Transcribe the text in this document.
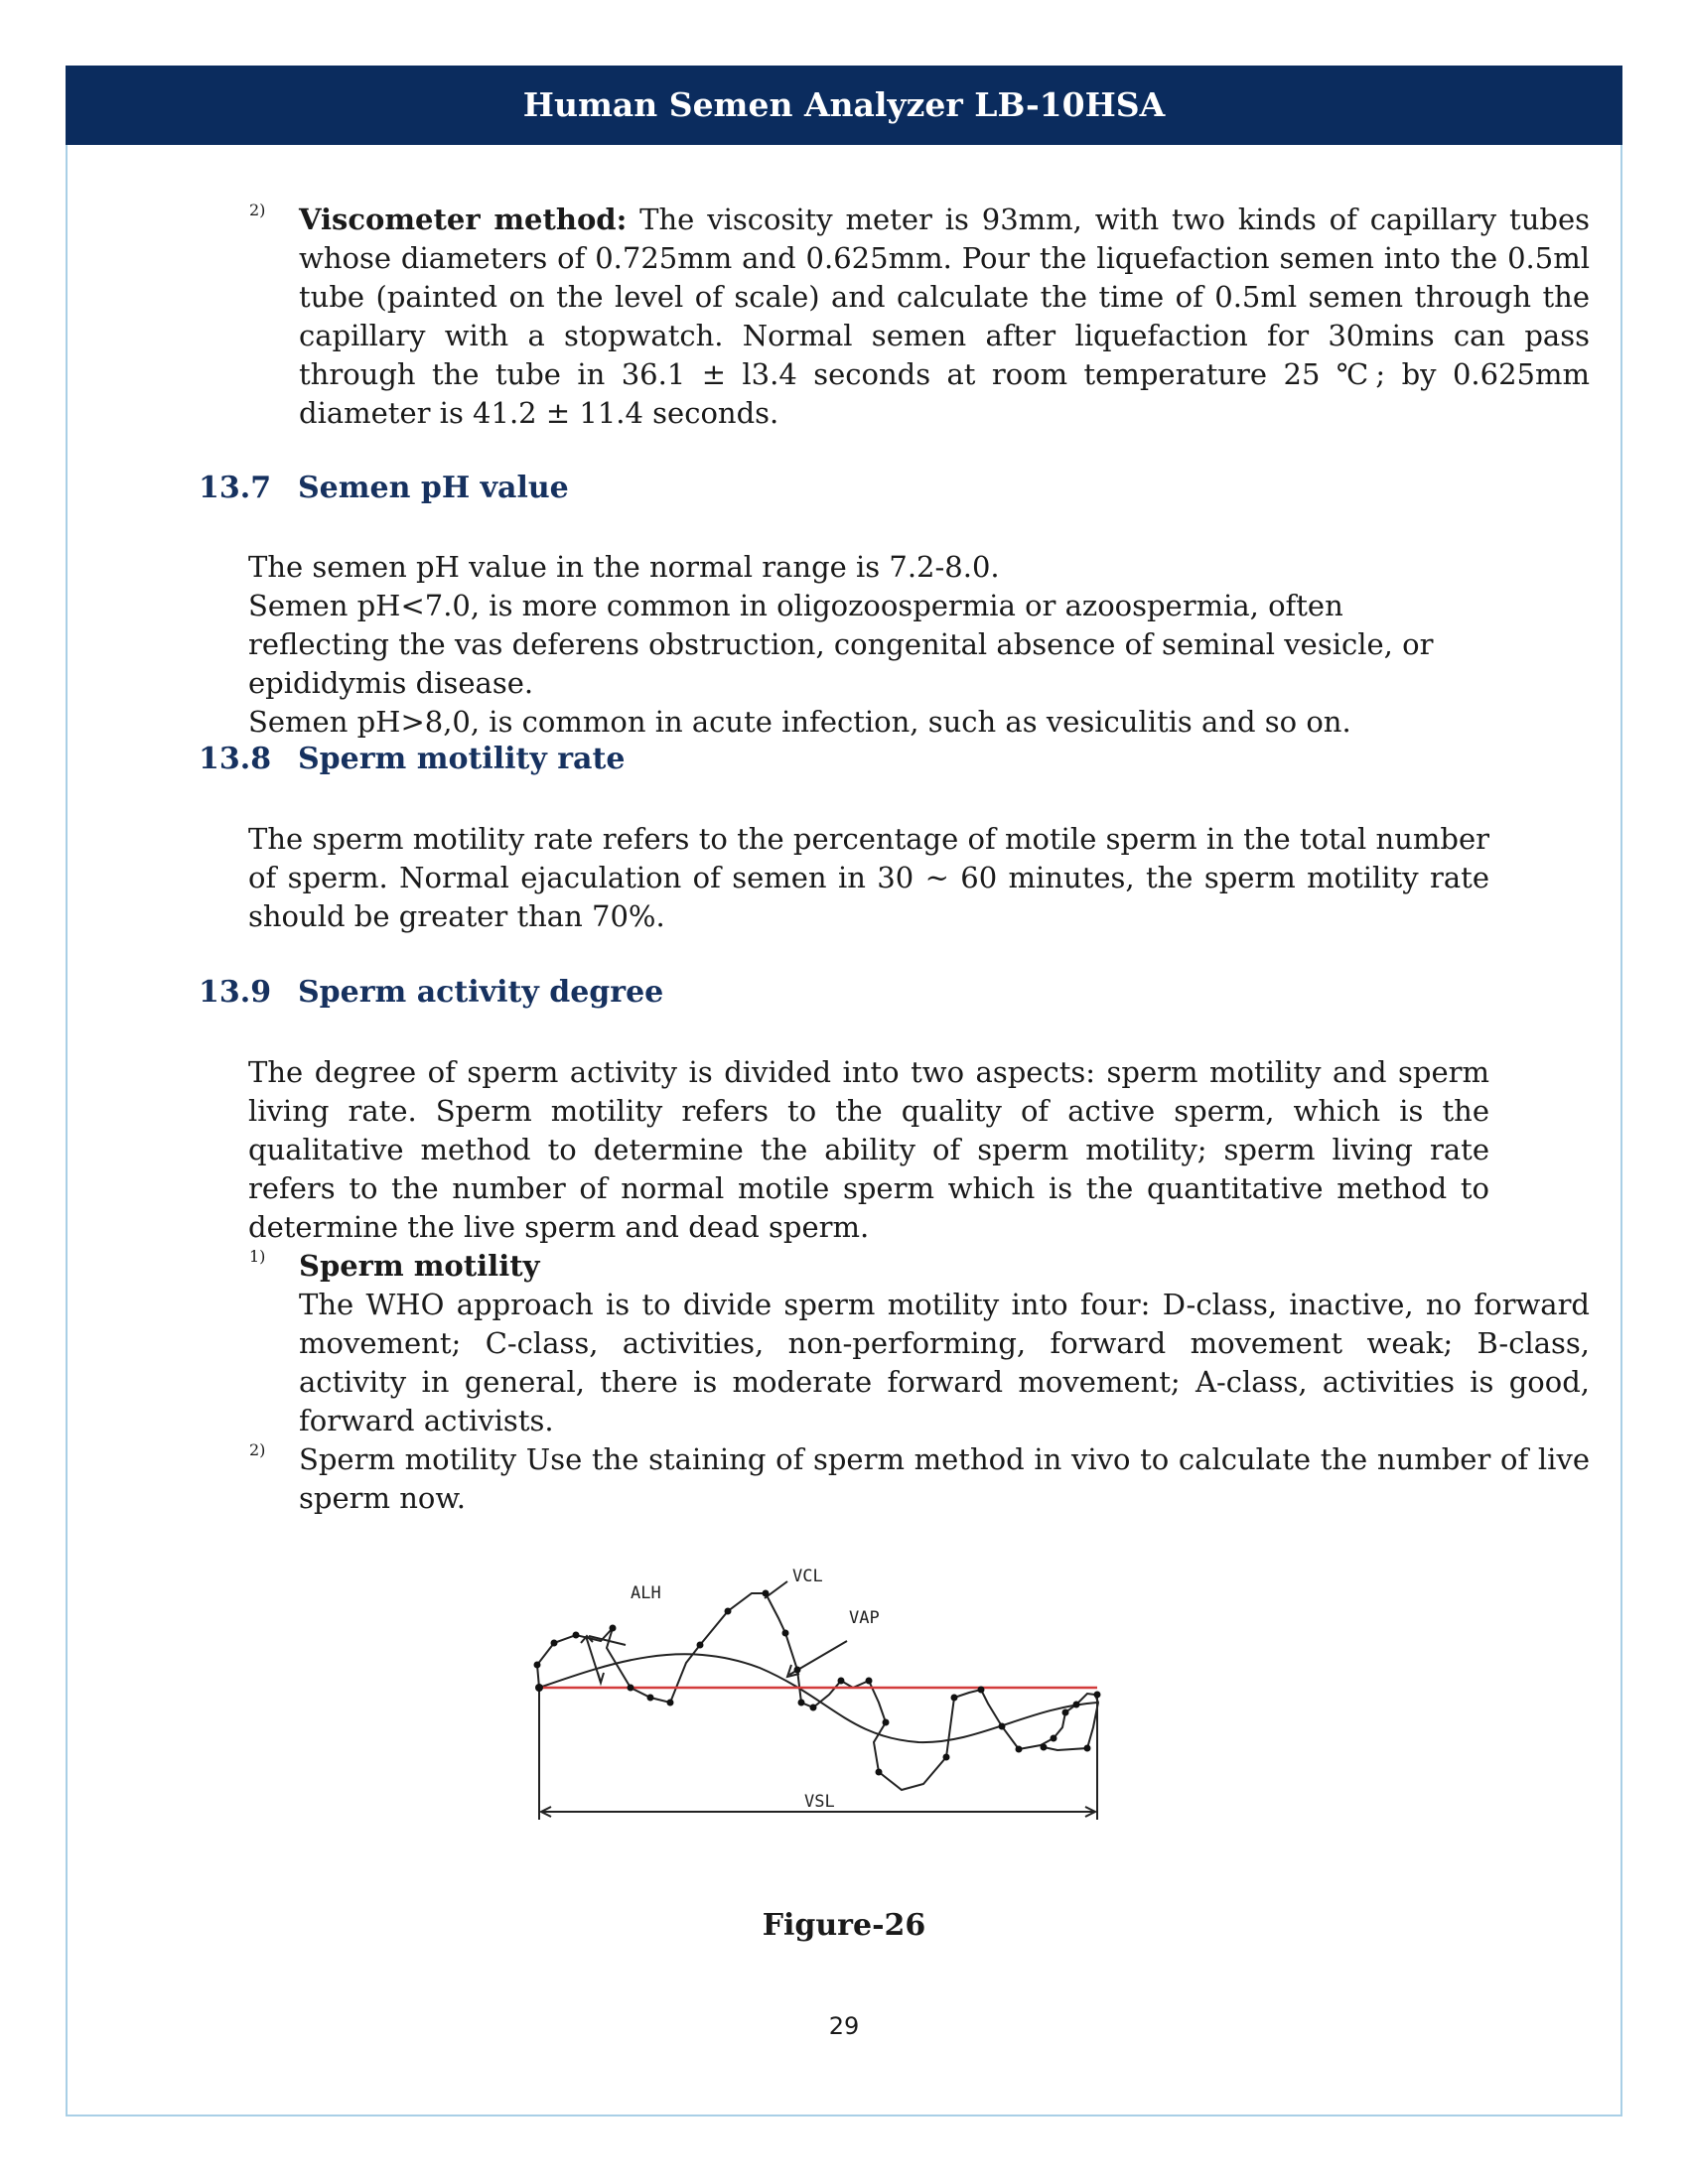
Human Semen Analyzer LB-10HSA
2) Viscometer method: The viscosity meter is 93mm, with two kinds of capillary tubes whose diameters of 0.725mm and 0.625mm. Pour the liquefaction semen into the 0.5ml tube (painted on the level of scale) and calculate the time of 0.5ml semen through the capillary with a stopwatch. Normal semen after liquefaction for 30mins can pass through the tube in 36.1 ± l3.4 seconds at room temperature 25 ℃; by 0.625mm diameter is 41.2 ± 11.4 seconds.

13.7 Semen pH value

The semen pH value in the normal range is 7.2-8.0.

Semen pH<7.0, is more common in oligozoospermia or azoospermia, often reflecting the vas deferens obstruction, congenital absence of seminal vesicle, or epididymis disease.

Semen pH>8,0, is common in acute infection, such as vesiculitis and so on.

13.8 Sperm motility rate

The sperm motility rate refers to the percentage of motile sperm in the total number of sperm. Normal ejaculation of semen in 30 ~ 60 minutes, the sperm motility rate should be greater than 70%.

13.9 Sperm activity degree

The degree of sperm activity is divided into two aspects: sperm motility and sperm living rate. Sperm motility refers to the quality of active sperm, which is the qualitative method to determine the ability of sperm motility; sperm living rate refers to the number of normal motile sperm which is the quantitative method to determine the live sperm and dead sperm.

1) Sperm motility

The WHO approach is to divide sperm motility into four: D-class, inactive, no forward movement; C-class, activities, non-performing, forward movement weak; B-class, activity in general, there is moderate forward movement; A-class, activities is good, forward activists.

2) Sperm motility Use the staining of sperm method in vivo to calculate the number of live sperm now.

ALH
VCL
VAP
VSL
Figure-26
29
